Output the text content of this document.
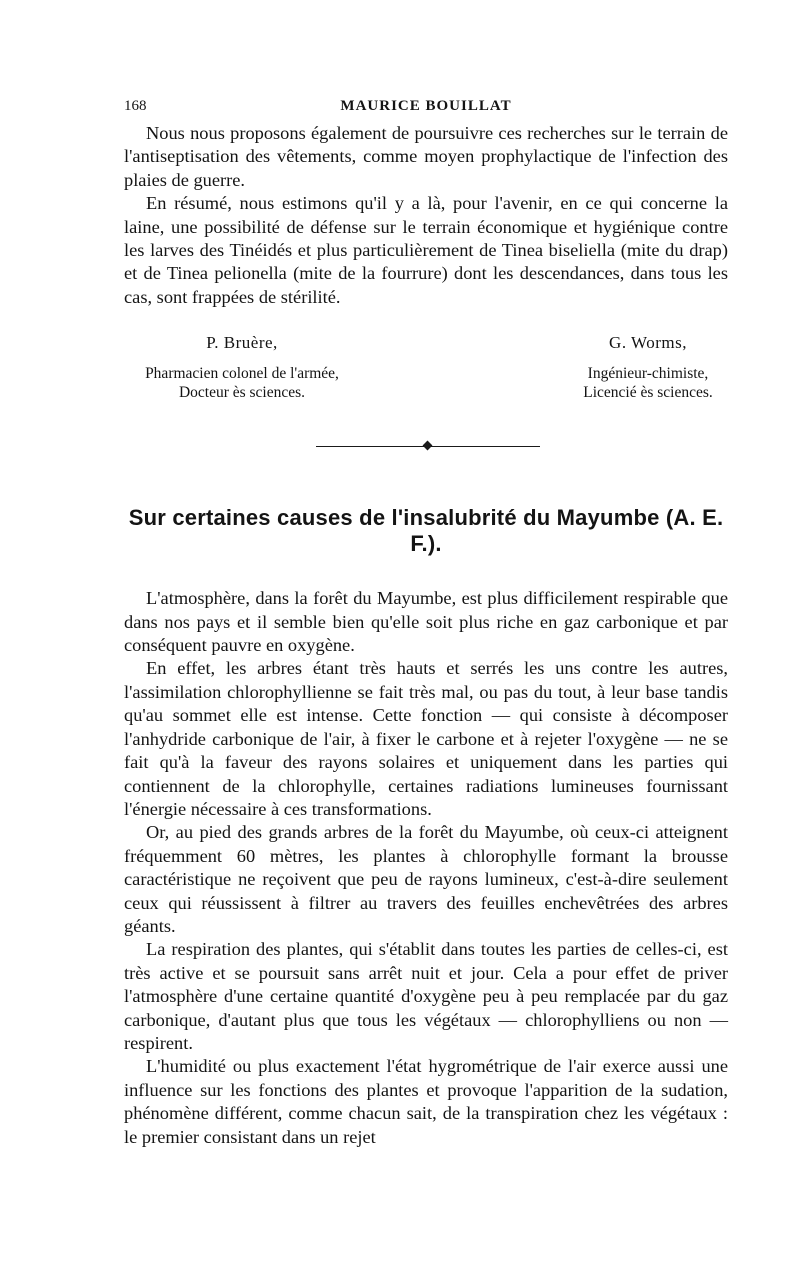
168	MAURICE BOUILLAT

Nous nous proposons également de poursuivre ces recherches sur le terrain de l'antiseptisation des vêtements, comme moyen prophylactique de l'infection des plaies de guerre.

En résumé, nous estimons qu'il y a là, pour l'avenir, en ce qui concerne la laine, une possibilité de défense sur le terrain économique et hygiénique contre les larves des Tinéidés et plus particulièrement de Tinea biseliella (mite du drap) et de Tinea pelionella (mite de la fourrure) dont les descendances, dans tous les cas, sont frappées de stérilité.

P. Bruère,
Pharmacien colonel de l'armée,
Docteur ès sciences.
G. Worms,
Ingénieur-chimiste,
Licencié ès sciences.
Sur certaines causes de l'insalubrité du Mayumbe (A. E. F.).

L'atmosphère, dans la forêt du Mayumbe, est plus difficilement respirable que dans nos pays et il semble bien qu'elle soit plus riche en gaz carbonique et par conséquent pauvre en oxygène.

En effet, les arbres étant très hauts et serrés les uns contre les autres, l'assimilation chlorophyllienne se fait très mal, ou pas du tout, à leur base tandis qu'au sommet elle est intense. Cette fonction — qui consiste à décomposer l'anhydride carbonique de l'air, à fixer le carbone et à rejeter l'oxygène — ne se fait qu'à la faveur des rayons solaires et uniquement dans les parties qui contiennent de la chlorophylle, certaines radiations lumineuses fournissant l'énergie nécessaire à ces transformations.

Or, au pied des grands arbres de la forêt du Mayumbe, où ceux-ci atteignent fréquemment 60 mètres, les plantes à chlorophylle formant la brousse caractéristique ne reçoivent que peu de rayons lumineux, c'est-à-dire seulement ceux qui réussissent à filtrer au travers des feuilles enchevêtrées des arbres géants.

La respiration des plantes, qui s'établit dans toutes les parties de celles-ci, est très active et se poursuit sans arrêt nuit et jour. Cela a pour effet de priver l'atmosphère d'une certaine quantité d'oxygène peu à peu remplacée par du gaz carbonique, d'autant plus que tous les végétaux — chlorophylliens ou non — respirent.

L'humidité ou plus exactement l'état hygrométrique de l'air exerce aussi une influence sur les fonctions des plantes et provoque l'apparition de la sudation, phénomène différent, comme chacun sait, de la transpiration chez les végétaux : le premier consistant dans un rejet
